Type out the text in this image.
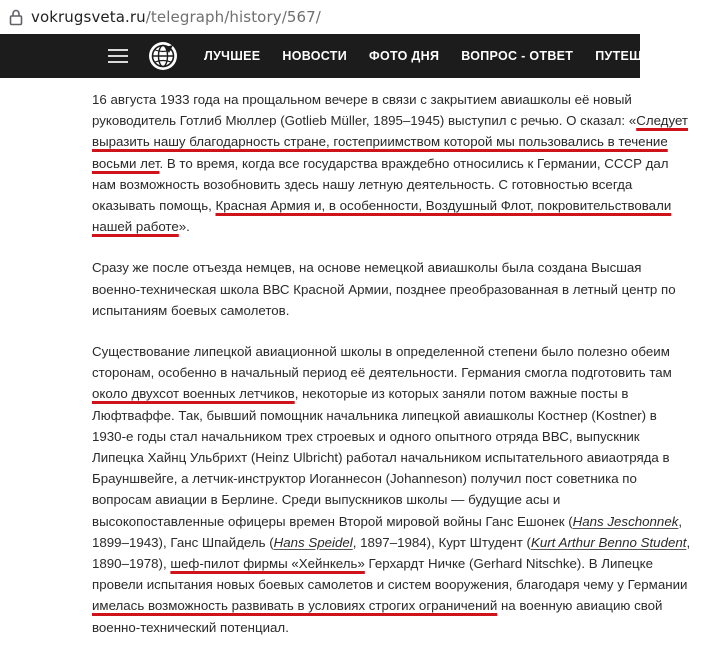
vokrugsveta.ru/telegraph/history/567/
ЛУЧШЕЕ НОВОСТИ ФОТО ДНЯ ВОПРОС - ОТВЕТ ПУТЕШЕСТВИЯ

16 августа 1933 года на прощальном вечере в связи с закрытием авиашколы её новый
руководитель Готлиб Мюллер (Gotlieb Müller, 1895–1945) выступил с речью. О сказал: «Следует
выразить нашу благодарность стране, гостеприимством которой мы пользовались в течение
восьми лет. В то время, когда все государства враждебно относились к Германии, СССР дал
нам возможность возобновить здесь нашу летную деятельность. С готовностью всегда
оказывать помощь, Красная Армия и, в особенности, Воздушный Флот, покровительствовали
нашей работе».

Сразу же после отъезда немцев, на основе немецкой авиашколы была создана Высшая
военно-техническая школа ВВС Красной Армии, позднее преобразованная в летный центр по
испытаниям боевых самолетов.

Существование липецкой авиационной школы в определенной степени было полезно обеим
сторонам, особенно в начальный период её деятельности. Германия смогла подготовить там
около двухсот военных летчиков, некоторые из которых заняли потом важные посты в
Люфтваффе. Так, бывший помощник начальника липецкой авиашколы Костнер (Kostner) в
1930-е годы стал начальником трех строевых и одного опытного отряда ВВС, выпускник
Липецка Хайнц Ульбрихт (Heinz Ulbricht) работал начальником испытательного авиаотряда в
Брауншвейге, а летчик-инструктор Иоганнесон (Johanneson) получил пост советника по
вопросам авиации в Берлине. Среди выпускников школы — будущие асы и
высокопоставленные офицеры времен Второй мировой войны Ганс Ешонек (Hans Jeschonnek,
1899–1943), Ганс Шпайдель (Hans Speidel, 1897–1984), Курт Штудент (Kurt Arthur Benno Student,
1890–1978), шеф-пилот фирмы «Хейнкель» Герхардт Ничке (Gerhard Nitschke). В Липецке
провели испытания новых боевых самолетов и систем вооружения, благодаря чему у Германии
имелась возможность развивать в условиях строгих ограничений на военную авиацию свой
военно-технический потенциал.
